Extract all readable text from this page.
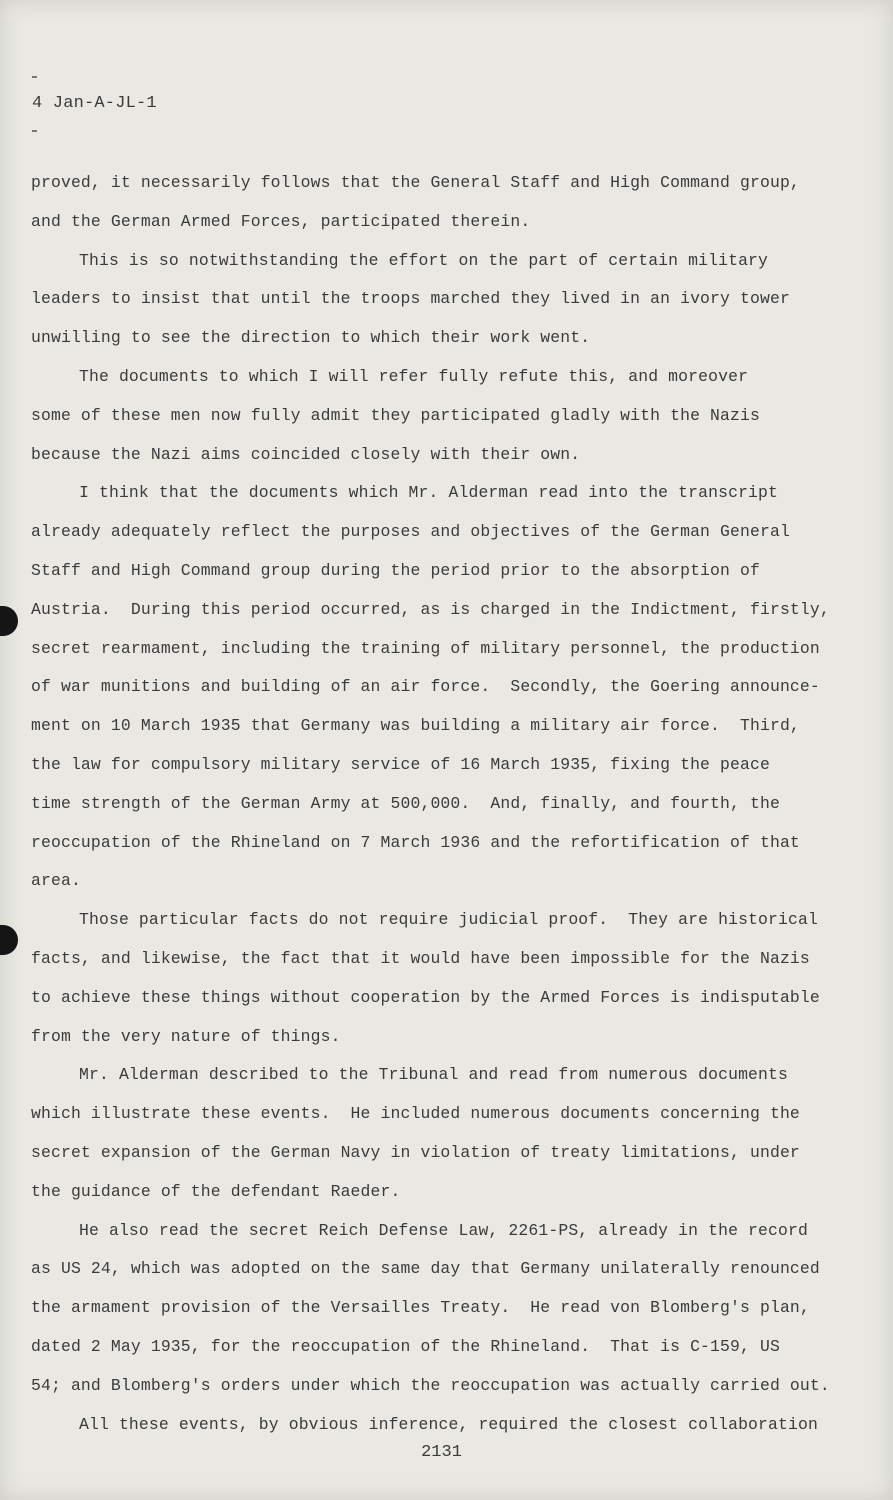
4 Jan-A-JL-1

proved, it necessarily follows that the General Staff and High Command group,
and the German Armed Forces, participated therein.
This is so notwithstanding the effort on the part of certain military
leaders to insist that until the troops marched they lived in an ivory tower
unwilling to see the direction to which their work went.
The documents to which I will refer fully refute this, and moreover
some of these men now fully admit they participated gladly with the Nazis
because the Nazi aims coincided closely with their own.
I think that the documents which Mr. Alderman read into the transcript
already adequately reflect the purposes and objectives of the German General
Staff and High Command group during the period prior to the absorption of
Austria.  During this period occurred, as is charged in the Indictment, firstly,
secret rearmament, including the training of military personnel, the production
of war munitions and building of an air force.  Secondly, the Goering announce-
ment on 10 March 1935 that Germany was building a military air force.  Third,
the law for compulsory military service of 16 March 1935, fixing the peace
time strength of the German Army at 500,000.  And, finally, and fourth, the
reoccupation of the Rhineland on 7 March 1936 and the refortification of that
area.
Those particular facts do not require judicial proof.  They are historical
facts, and likewise, the fact that it would have been impossible for the Nazis
to achieve these things without cooperation by the Armed Forces is indisputable
from the very nature of things.
Mr. Alderman described to the Tribunal and read from numerous documents
which illustrate these events.  He included numerous documents concerning the
secret expansion of the German Navy in violation of treaty limitations, under
the guidance of the defendant Raeder.
He also read the secret Reich Defense Law, 2261-PS, already in the record
as US 24, which was adopted on the same day that Germany unilaterally renounced
the armament provision of the Versailles Treaty.  He read von Blomberg's plan,
dated 2 May 1935, for the reoccupation of the Rhineland.  That is C-159, US
54; and Blomberg's orders under which the reoccupation was actually carried out.
All these events, by obvious inference, required the closest collaboration

2131
